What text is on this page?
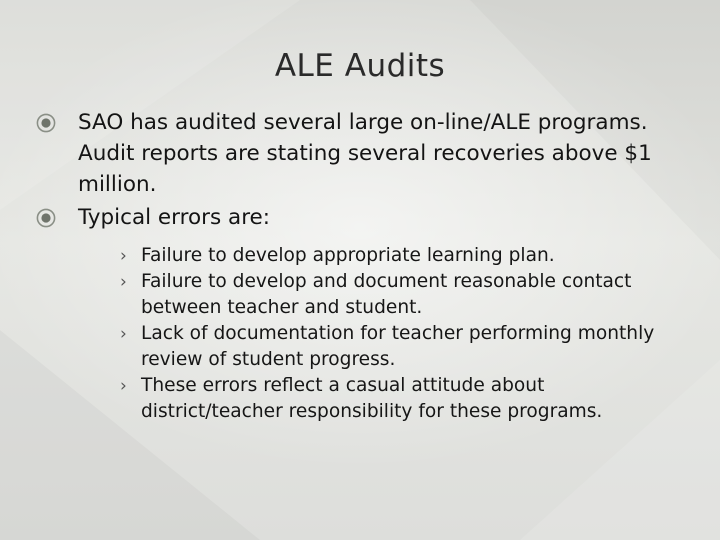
ALE Audits
SAO has audited several large on-line/ALE programs. Audit reports are stating several recoveries above $1 million.
Typical errors are:
› Failure to develop appropriate learning plan.
› Failure to develop and document reasonable contact between teacher and student.
› Lack of documentation for teacher performing monthly review of student progress.
› These errors reflect a casual attitude about district/teacher responsibility for these programs.
